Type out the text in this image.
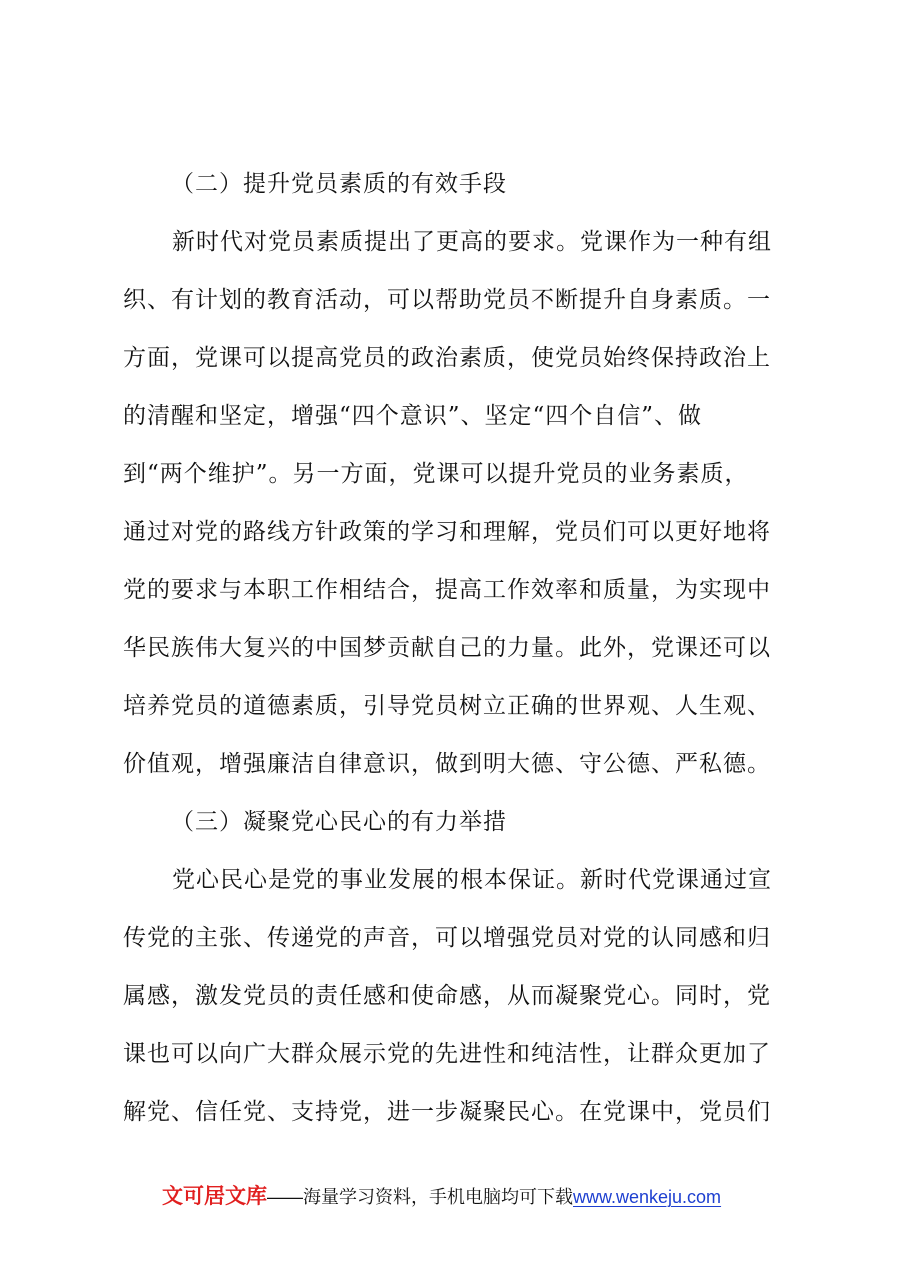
（二）提升党员素质的有效手段
新时代对党员素质提出了更高的要求。党课作为一种有组
织、有计划的教育活动，可以帮助党员不断提升自身素质。一
方面，党课可以提高党员的政治素质，使党员始终保持政治上
的清醒和坚定，增强“四个意识”、坚定“四个自信”、做
到“两个维护”。另一方面，党课可以提升党员的业务素质，
通过对党的路线方针政策的学习和理解，党员们可以更好地将
党的要求与本职工作相结合，提高工作效率和质量，为实现中
华民族伟大复兴的中国梦贡献自己的力量。此外，党课还可以
培养党员的道德素质，引导党员树立正确的世界观、人生观、
价值观，增强廉洁自律意识，做到明大德、守公德、严私德。
（三）凝聚党心民心的有力举措
党心民心是党的事业发展的根本保证。新时代党课通过宣
传党的主张、传递党的声音，可以增强党员对党的认同感和归
属感，激发党员的责任感和使命感，从而凝聚党心。同时，党
课也可以向广大群众展示党的先进性和纯洁性，让群众更加了
解党、信任党、支持党，进一步凝聚民心。在党课中，党员们
文可居文库——海量学习资料，手机电脑均可下载www.wenkeju.com
